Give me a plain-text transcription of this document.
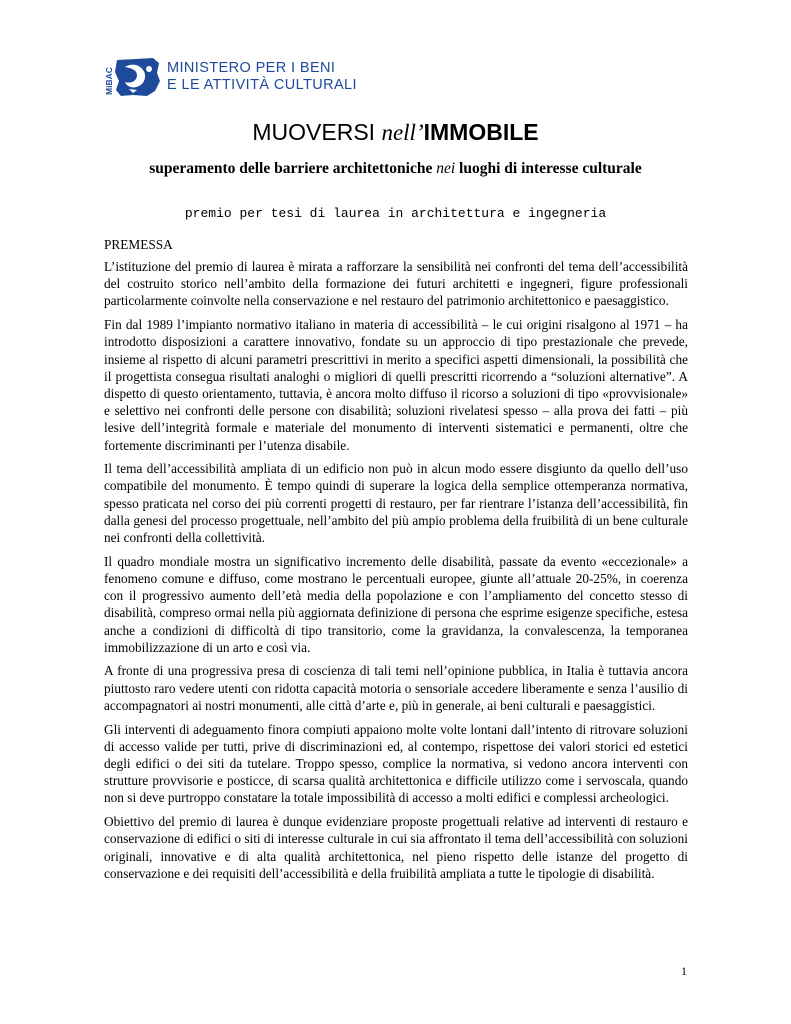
MiBAC	MINISTERO PER I BENI
E LE ATTIVITÀ CULTURALI
MUOVERSI nell’IMMOBILE
superamento delle barriere architettoniche nei luoghi di interesse culturale
premio per tesi di laurea in architettura e ingegneria
PREMESSA

L’istituzione del premio di laurea è mirata a rafforzare la sensibilità nei confronti del tema dell’accessibilità del costruito storico nell’ambito della formazione dei futuri architetti e ingegneri, figure professionali particolarmente coinvolte nella conservazione e nel restauro del patrimonio architettonico e paesaggistico.

Fin dal 1989 l’impianto normativo italiano in materia di accessibilità – le cui origini risalgono al 1971 – ha introdotto disposizioni a carattere innovativo, fondate su un approccio di tipo prestazionale che prevede, insieme al rispetto di alcuni parametri prescrittivi in merito a specifici aspetti dimensionali, la possibilità che il progettista consegua risultati analoghi o migliori di quelli prescritti ricorrendo a “soluzioni alternative”. A dispetto di questo orientamento, tuttavia, è ancora molto diffuso il ricorso a soluzioni di tipo «provvisionale» e selettivo nei confronti delle persone con disabilità; soluzioni rivelatesi spesso – alla prova dei fatti – più lesive dell’integrità formale e materiale del monumento di interventi sistematici e permanenti, oltre che fortemente discriminanti per l’utenza disabile.

Il tema dell’accessibilità ampliata di un edificio non può in alcun modo essere disgiunto da quello dell’uso compatibile del monumento. È tempo quindi di superare la logica della semplice ottemperanza normativa, spesso praticata nel corso dei più correnti progetti di restauro, per far rientrare l’istanza dell’accessibilità, fin dalla genesi del processo progettuale, nell’ambito del più ampio problema della fruibilità di un bene culturale nei confronti della collettività.

Il quadro mondiale mostra un significativo incremento delle disabilità, passate da evento «eccezionale» a fenomeno comune e diffuso, come mostrano le percentuali europee, giunte all’attuale 20-25%, in coerenza con il progressivo aumento dell’età media della popolazione e con l’ampliamento del concetto stesso di disabilità, compreso ormai nella più aggiornata definizione di persona che esprime esigenze specifiche, estesa anche a condizioni di difficoltà di tipo transitorio, come la gravidanza, la convalescenza, la temporanea immobilizzazione di un arto e così via.

A fronte di una progressiva presa di coscienza di tali temi nell’opinione pubblica, in Italia è tuttavia ancora piuttosto raro vedere utenti con ridotta capacità motoria o sensoriale accedere liberamente e senza l’ausilio di accompagnatori ai nostri monumenti, alle città d’arte e, più in generale, ai beni culturali e paesaggistici.

Gli interventi di adeguamento finora compiuti appaiono molte volte lontani dall’intento di ritrovare soluzioni di accesso valide per tutti, prive di discriminazioni ed, al contempo, rispettose dei valori storici ed estetici degli edifici o dei siti da tutelare. Troppo spesso, complice la normativa, si vedono ancora interventi con strutture provvisorie e posticce, di scarsa qualità architettonica e difficile utilizzo come i servoscala, quando non si deve purtroppo constatare la totale impossibilità di accesso a molti edifici e complessi archeologici.

Obiettivo del premio di laurea è dunque evidenziare proposte progettuali relative ad interventi di restauro e conservazione di edifici o siti di interesse culturale in cui sia affrontato il tema dell’accessibilità con soluzioni originali, innovative e di alta qualità architettonica, nel pieno rispetto delle istanze del progetto di conservazione e dei requisiti dell’accessibilità e della fruibilità ampliata a tutte le tipologie di disabilità.

1
